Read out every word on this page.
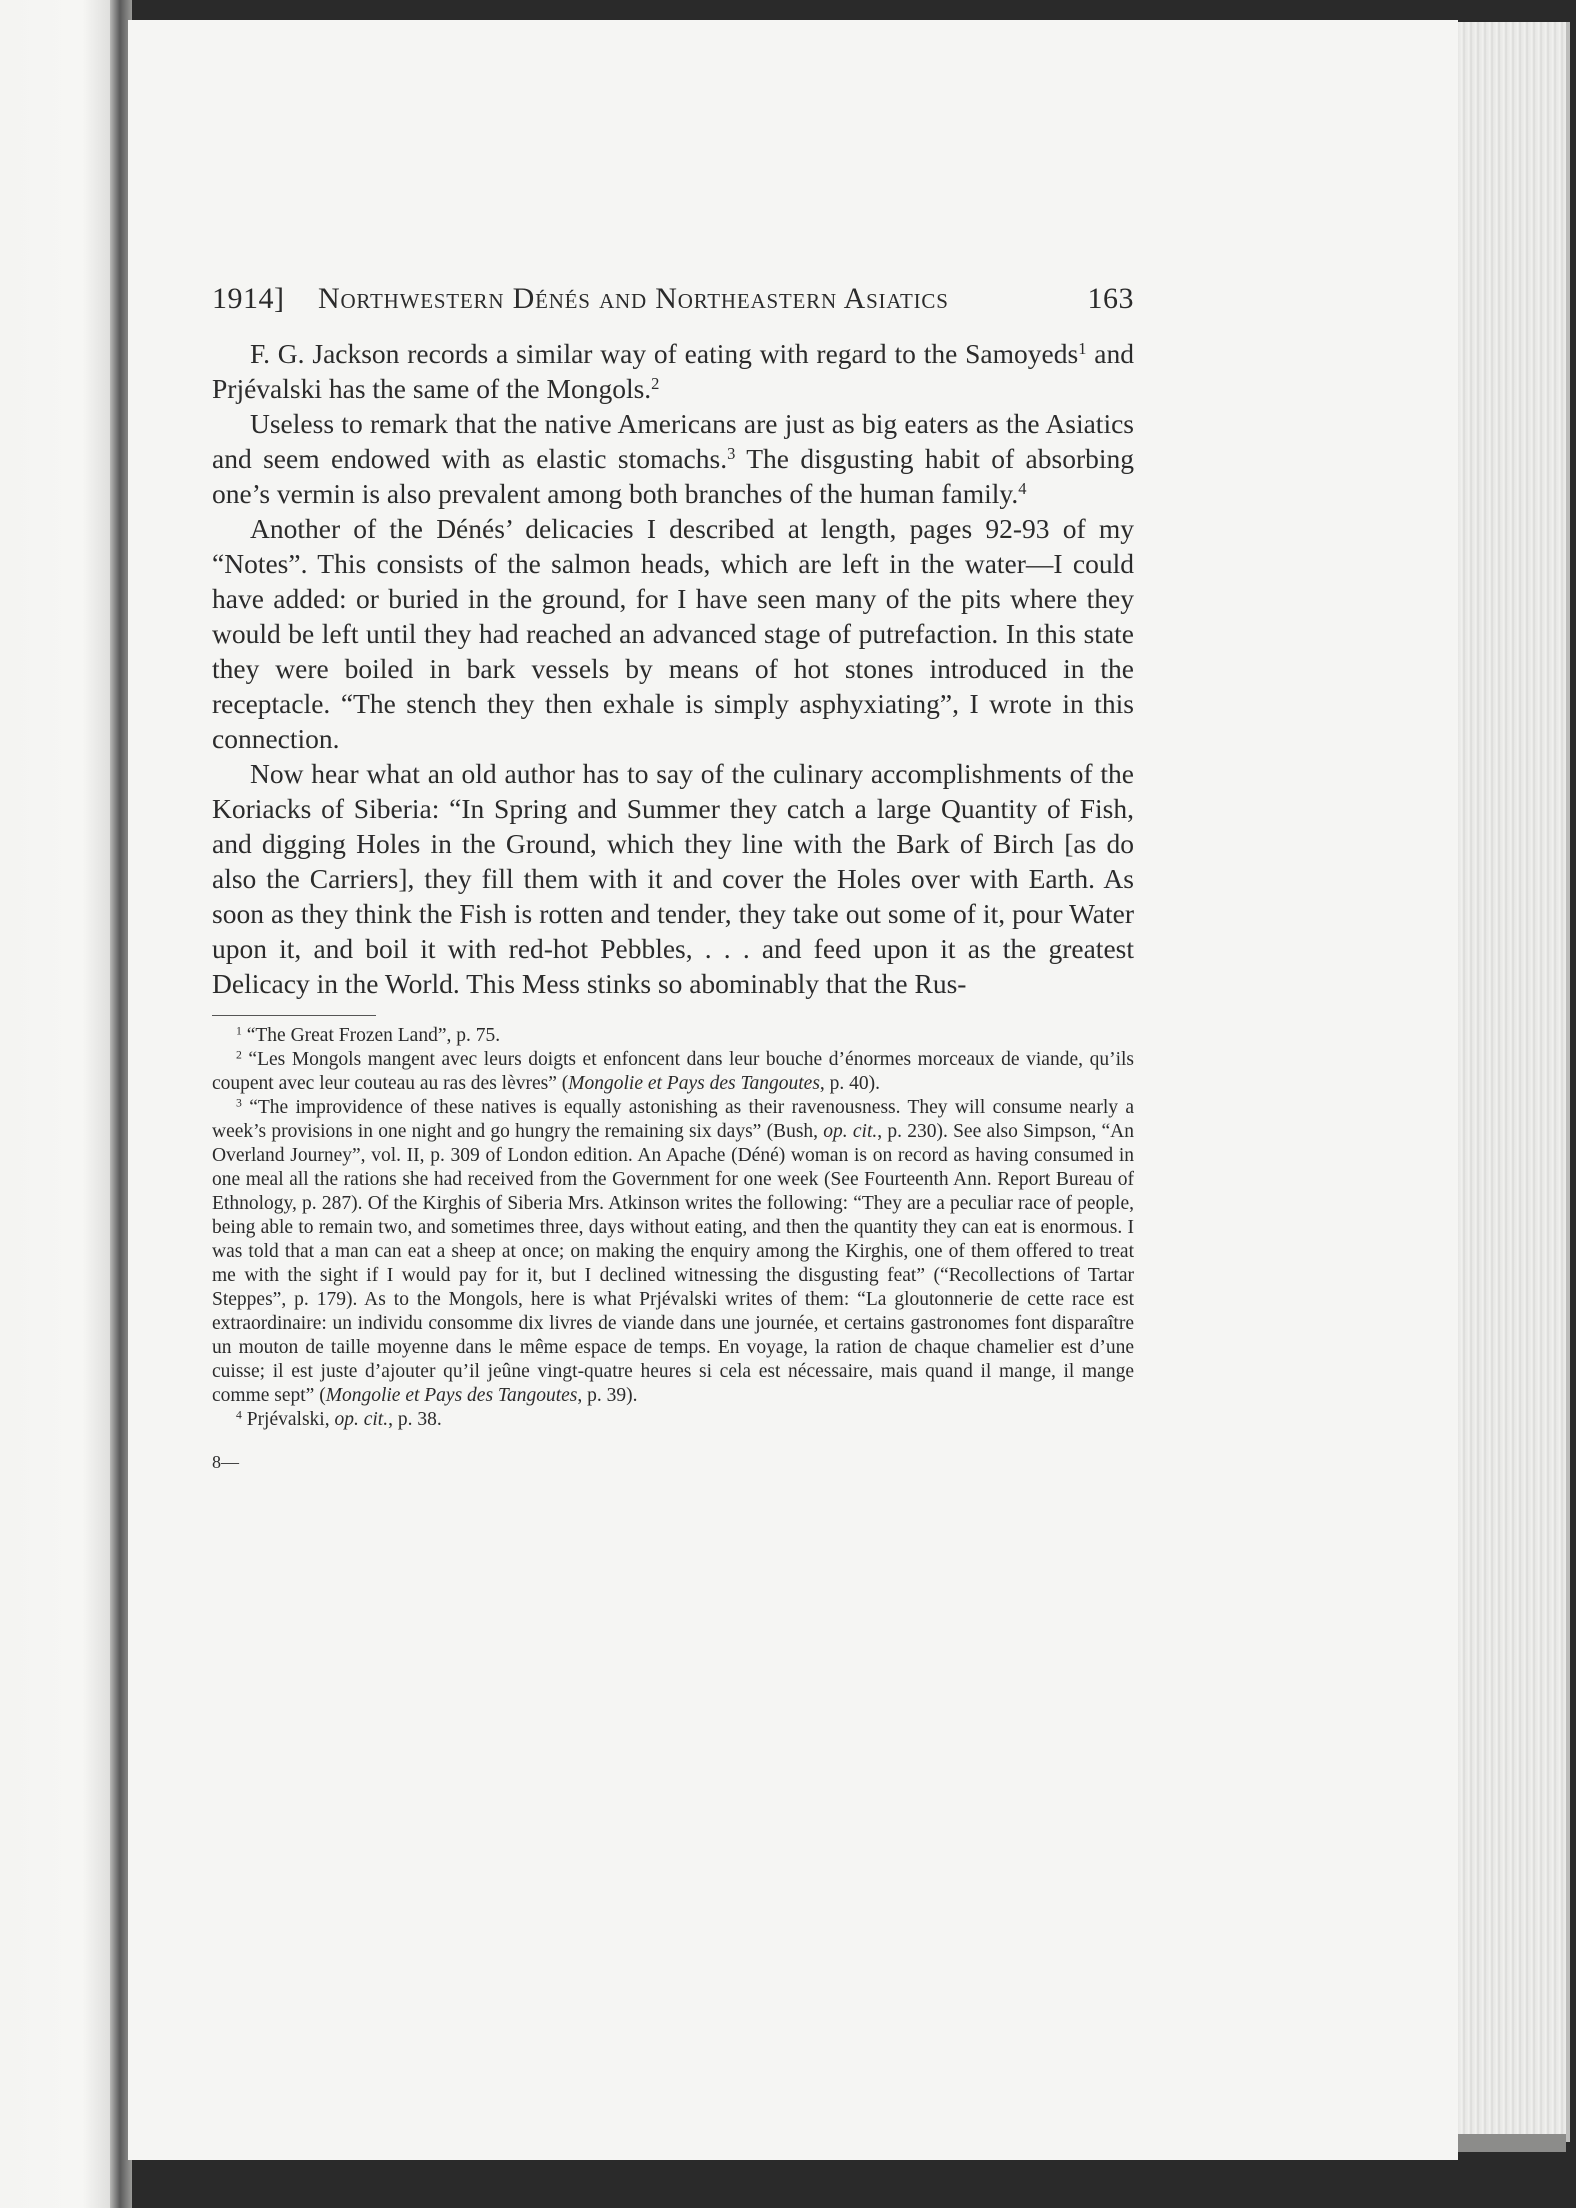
1914] Northwestern Dénés and Northeastern Asiatics	163

F. G. Jackson records a similar way of eating with regard to the Samoyeds$^1$ and Prjévalski has the same of the Mongols.$^2$

Useless to remark that the native Americans are just as big eaters as the Asiatics and seem endowed with as elastic stomachs.$^3$ The disgusting habit of absorbing one’s vermin is also prevalent among both branches of the human family.$^4$

Another of the Dénés’ delicacies I described at length, pages 92-93 of my “Notes”. This consists of the salmon heads, which are left in the water—I could have added: or buried in the ground, for I have seen many of the pits where they would be left until they had reached an advanced stage of putrefaction. In this state they were boiled in bark vessels by means of hot stones introduced in the receptacle. “The stench they then exhale is simply asphyxiating”, I wrote in this connection.

Now hear what an old author has to say of the culinary accomplishments of the Koriacks of Siberia: “In Spring and Summer they catch a large Quantity of Fish, and digging Holes in the Ground, which they line with the Bark of Birch [as do also the Carriers], they fill them with it and cover the Holes over with Earth. As soon as they think the Fish is rotten and tender, they take out some of it, pour Water upon it, and boil it with red-hot Pebbles, . . . and feed upon it as the greatest Delicacy in the World. This Mess stinks so abominably that the Rus-

$^1$ “The Great Frozen Land”, p. 75.

$^2$ “Les Mongols mangent avec leurs doigts et enfoncent dans leur bouche d’énormes morceaux de viande, qu’ils coupent avec leur couteau au ras des lèvres” (Mongolie et Pays des Tangoutes, p. 40).

$^3$ “The improvidence of these natives is equally astonishing as their ravenousness. They will consume nearly a week’s provisions in one night and go hungry the remaining six days” (Bush, op. cit., p. 230). See also Simpson, “An Overland Journey”, vol. II, p. 309 of London edition. An Apache (Déné) woman is on record as having consumed in one meal all the rations she had received from the Government for one week (See Fourteenth Ann. Report Bureau of Ethnology, p. 287). Of the Kirghis of Siberia Mrs. Atkinson writes the following: “They are a peculiar race of people, being able to remain two, and sometimes three, days without eating, and then the quantity they can eat is enormous. I was told that a man can eat a sheep at once; on making the enquiry among the Kirghis, one of them offered to treat me with the sight if I would pay for it, but I declined witnessing the disgusting feat” (“Recollections of Tartar Steppes”, p. 179). As to the Mongols, here is what Prjévalski writes of them: “La gloutonnerie de cette race est extraordinaire: un individu consomme dix livres de viande dans une journée, et certains gastronomes font disparaître un mouton de taille moyenne dans le même espace de temps. En voyage, la ration de chaque chamelier est d’une cuisse; il est juste d’ajouter qu’il jeûne vingt-quatre heures si cela est nécessaire, mais quand il mange, il mange comme sept” (Mongolie et Pays des Tangoutes, p. 39).

$^4$ Prjévalski, op. cit., p. 38.

8—
